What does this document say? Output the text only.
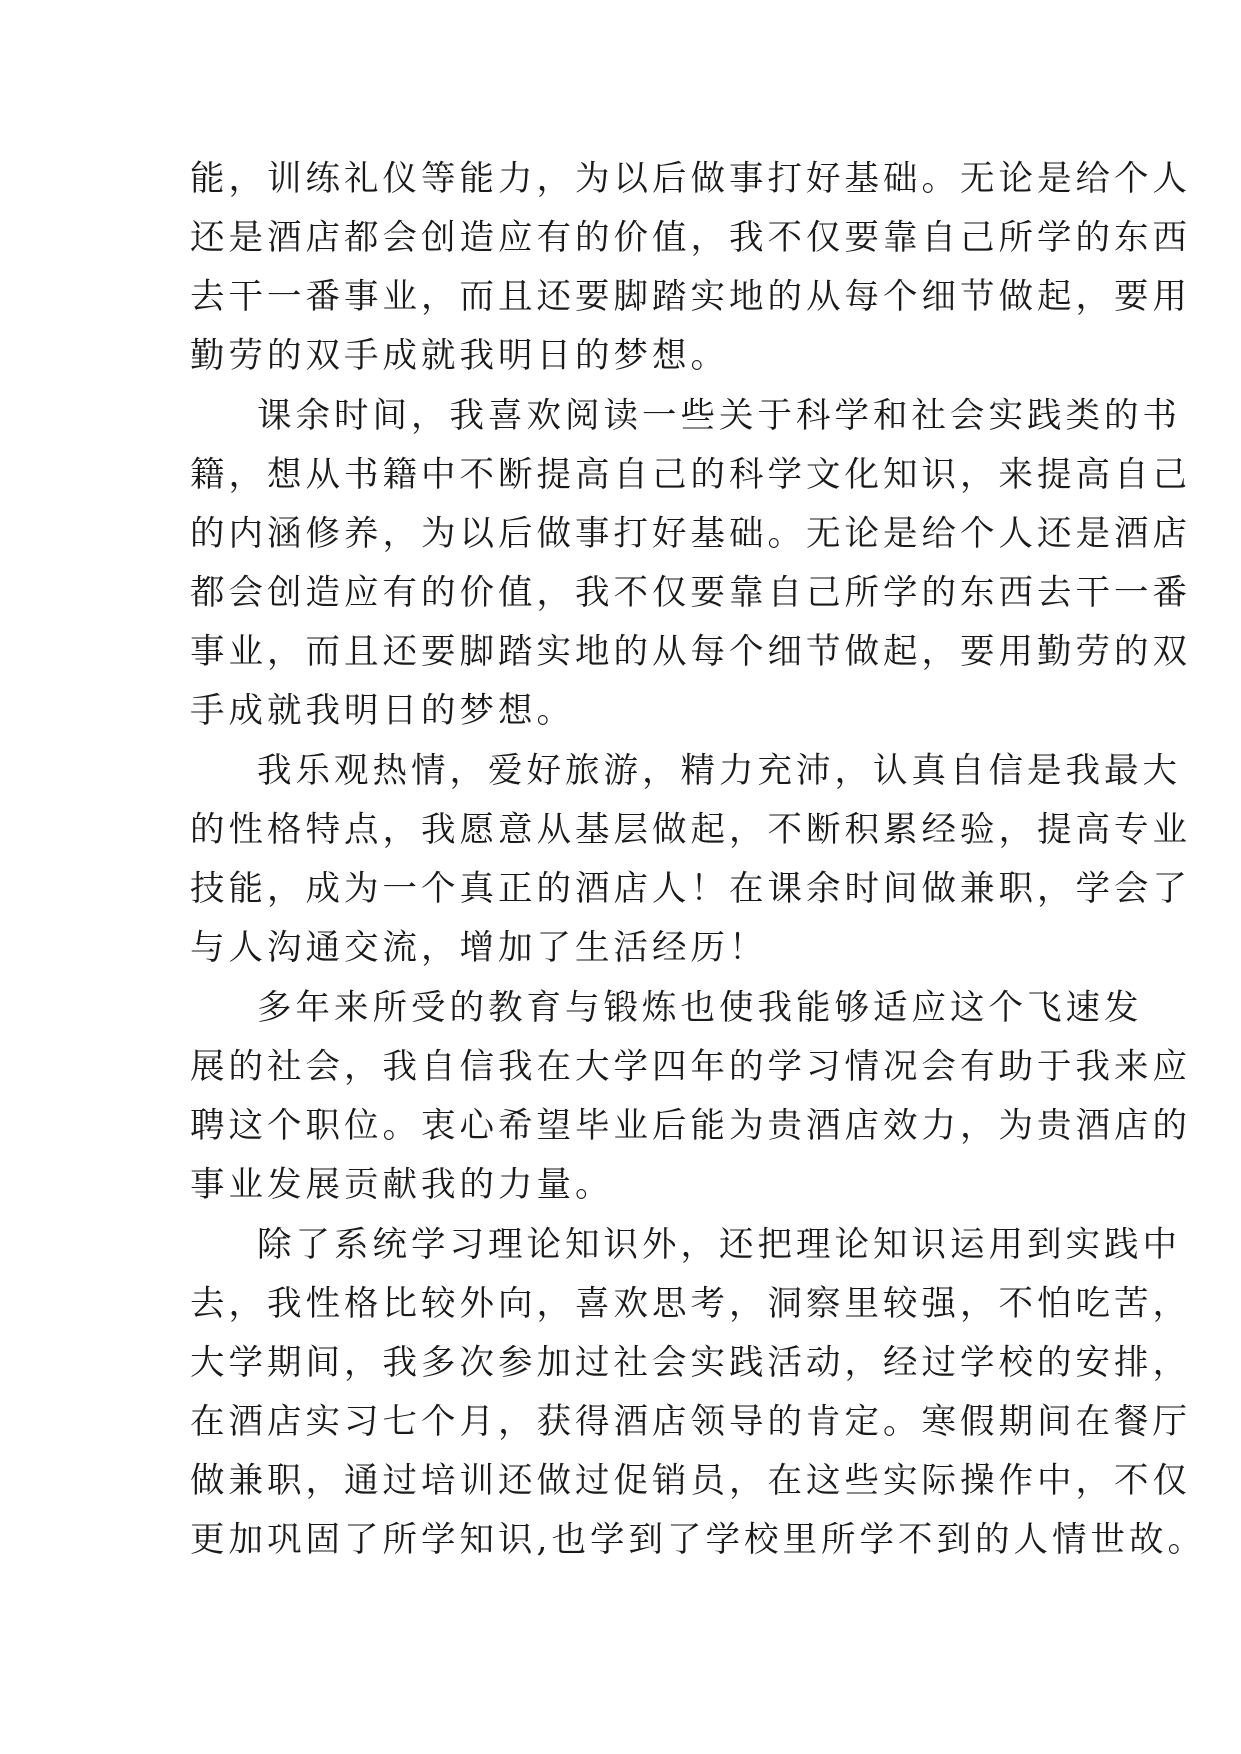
能，训练礼仪等能力，为以后做事打好基础。无论是给个人
还是酒店都会创造应有的价值，我不仅要靠自己所学的东西
去干一番事业，而且还要脚踏实地的从每个细节做起，要用
勤劳的双手成就我明日的梦想。

课余时间，我喜欢阅读一些关于科学和社会实践类的书
籍，想从书籍中不断提高自己的科学文化知识，来提高自己
的内涵修养，为以后做事打好基础。无论是给个人还是酒店
都会创造应有的价值，我不仅要靠自己所学的东西去干一番
事业，而且还要脚踏实地的从每个细节做起，要用勤劳的双
手成就我明日的梦想。

我乐观热情，爱好旅游，精力充沛，认真自信是我最大
的性格特点，我愿意从基层做起，不断积累经验，提高专业
技能，成为一个真正的酒店人！在课余时间做兼职，学会了
与人沟通交流，增加了生活经历！

多年来所受的教育与锻炼也使我能够适应这个飞速发
展的社会，我自信我在大学四年的学习情况会有助于我来应
聘这个职位。衷心希望毕业后能为贵酒店效力，为贵酒店的
事业发展贡献我的力量。

除了系统学习理论知识外，还把理论知识运用到实践中
去，我性格比较外向，喜欢思考，洞察里较强，不怕吃苦，
大学期间，我多次参加过社会实践活动，经过学校的安排，
在酒店实习七个月，获得酒店领导的肯定。寒假期间在餐厅
做兼职，通过培训还做过促销员，在这些实际操作中，不仅
更加巩固了所学知识,也学到了学校里所学不到的人情世故。
